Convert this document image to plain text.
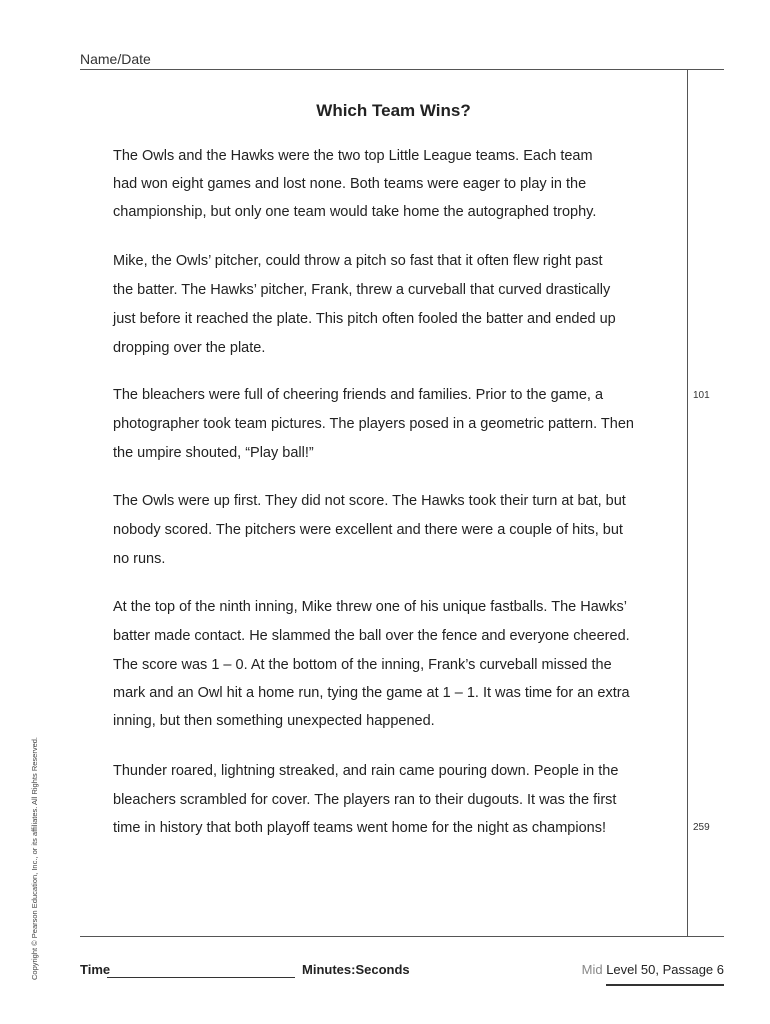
Name/Date
Which Team Wins?
The Owls and the Hawks were the two top Little League teams. Each team
had won eight games and lost none. Both teams were eager to play in the
championship, but only one team would take home the autographed trophy.
Mike, the Owls’ pitcher, could throw a pitch so fast that it often flew right past
the batter. The Hawks’ pitcher, Frank, threw a curveball that curved drastically
just before it reached the plate. This pitch often fooled the batter and ended up
dropping over the plate.
The bleachers were full of cheering friends and families. Prior to the game, a
photographer took team pictures. The players posed in a geometric pattern. Then
the umpire shouted, “Play ball!”
The Owls were up first. They did not score. The Hawks took their turn at bat, but
nobody scored. The pitchers were excellent and there were a couple of hits, but
no runs.
At the top of the ninth inning, Mike threw one of his unique fastballs. The Hawks’
batter made contact. He slammed the ball over the fence and everyone cheered.
The score was 1 – 0. At the bottom of the inning, Frank’s curveball missed the
mark and an Owl hit a home run, tying the game at 1 – 1. It was time for an extra
inning, but then something unexpected happened.
Thunder roared, lightning streaked, and rain came pouring down. People in the
bleachers scrambled for cover. The players ran to their dugouts. It was the first
time in history that both playoff teams went home for the night as champions!
101
259
Copyright © Pearson Education, Inc., or its affiliates. All Rights Reserved.	Time	Minutes:Seconds	Mid Level 50, Passage 6
